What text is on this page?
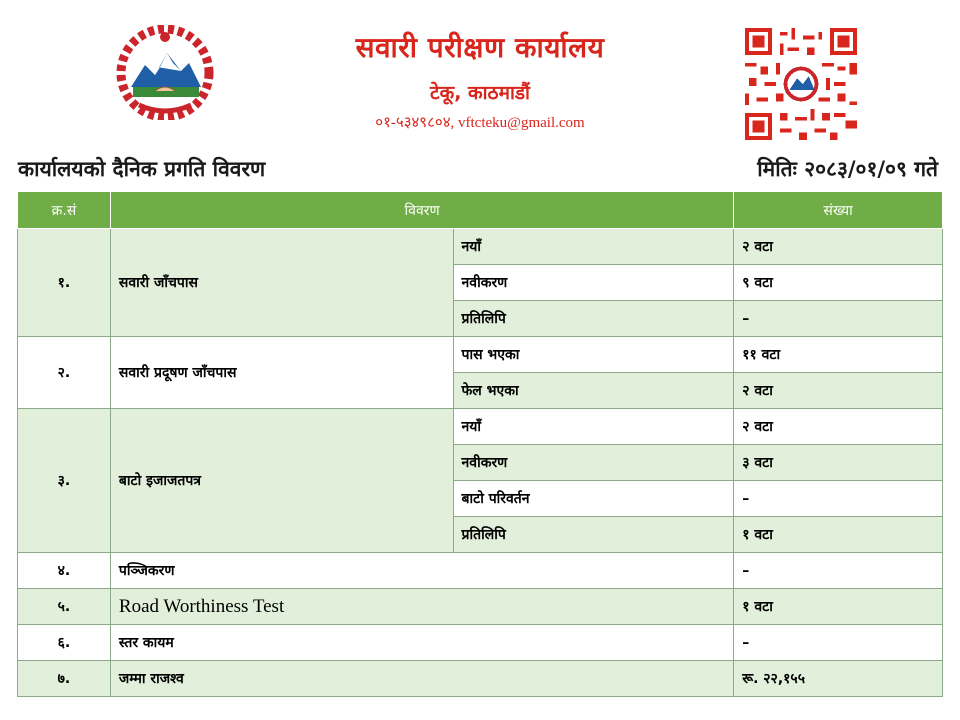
सवारी परीक्षण कार्यालय
टेकू, काठमाडौं
०१-५३४९८०४, vftcteku@gmail.com
कार्यालयको दैनिक प्रगति विवरण	मितिः २०८३/०१/०९ गते
क्र.सं	विवरण		संख्या
१.	सवारी जाँचपास	नयाँ	२ वटा
		नवीकरण	९ वटा
		प्रतिलिपि	–
२.	सवारी प्रदूषण जाँचपास	पास भएका	११ वटा
		फेल भएका	२ वटा
३.	बाटो इजाजतपत्र	नयाँ	२ वटा
		नवीकरण	३ वटा
		बाटो परिवर्तन	–
		प्रतिलिपि	१ वटा
४.	पञ्जिकरण		–
५.	Road Worthiness Test		१ वटा
६.	स्तर कायम		–
७.	जम्मा राजश्व		रू. २२,१५५
